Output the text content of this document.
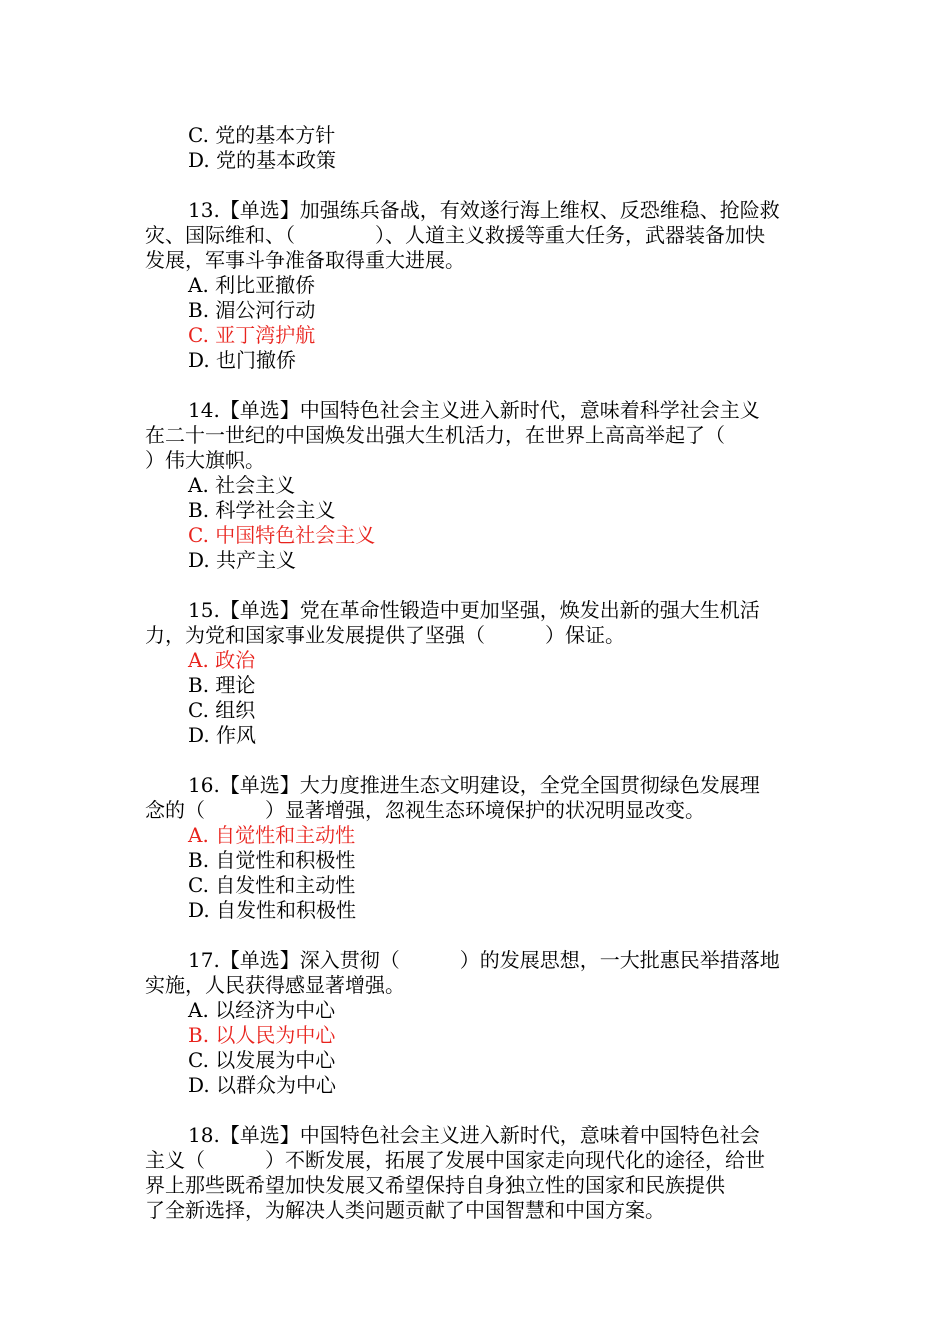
C. 党的基本方针
D. 党的基本政策
13.【单选】加强练兵备战，有效遂行海上维权、反恐维稳、抢险救
灾、国际维和、（　　　　）、人道主义救援等重大任务，武器装备加快
发展，军事斗争准备取得重大进展。
A. 利比亚撤侨
B. 湄公河行动
C. 亚丁湾护航
D. 也门撤侨
14.【单选】中国特色社会主义进入新时代，意味着科学社会主义
在二十一世纪的中国焕发出强大生机活力，在世界上高高举起了（
）伟大旗帜。
A. 社会主义
B. 科学社会主义
C. 中国特色社会主义
D. 共产主义
15.【单选】党在革命性锻造中更加坚强，焕发出新的强大生机活
力，为党和国家事业发展提供了坚强（　　　）保证。
A. 政治
B. 理论
C. 组织
D. 作风
16.【单选】大力度推进生态文明建设，全党全国贯彻绿色发展理
念的（　　　）显著增强，忽视生态环境保护的状况明显改变。
A. 自觉性和主动性
B. 自觉性和积极性
C. 自发性和主动性
D. 自发性和积极性
17.【单选】深入贯彻（　　　）的发展思想，一大批惠民举措落地
实施，人民获得感显著增强。
A. 以经济为中心
B. 以人民为中心
C. 以发展为中心
D. 以群众为中心
18.【单选】中国特色社会主义进入新时代，意味着中国特色社会
主义（　　　）不断发展，拓展了发展中国家走向现代化的途径，给世
界上那些既希望加快发展又希望保持自身独立性的国家和民族提供
了全新选择，为解决人类问题贡献了中国智慧和中国方案。
